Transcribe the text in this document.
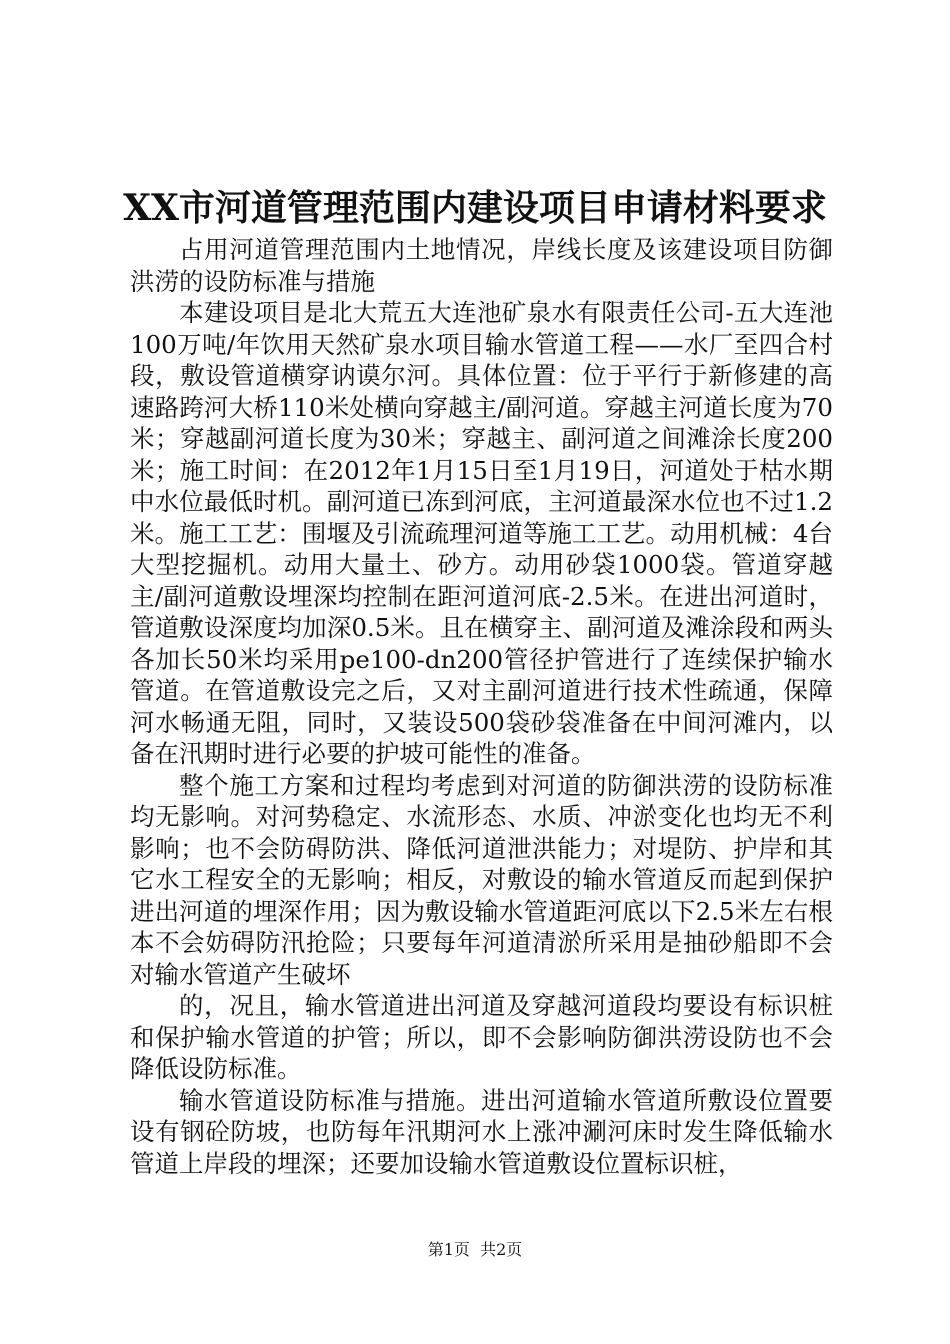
XX市河道管理范围内建设项目申请材料要求

占用河道管理范围内土地情况，岸线长度及该建设项目防御洪涝的设防标准与措施

本建设项目是北大荒五大连池矿泉水有限责任公司-五大连池100万吨/年饮用天然矿泉水项目输水管道工程——水厂至四合村段，敷设管道横穿讷谟尔河。具体位置：位于平行于新修建的高速路跨河大桥110米处横向穿越主/副河道。穿越主河道长度为70米；穿越副河道长度为30米；穿越主、副河道之间滩涂长度200米；施工时间：在2012年1月15日至1月19日，河道处于枯水期中水位最低时机。副河道已冻到河底，主河道最深水位也不过1.2米。施工工艺：围堰及引流疏理河道等施工工艺。动用机械：4台大型挖掘机。动用大量土、砂方。动用砂袋1000袋。管道穿越主/副河道敷设埋深均控制在距河道河底-2.5米。在进出河道时，管道敷设深度均加深0.5米。且在横穿主、副河道及滩涂段和两头各加长50米均采用pe100-dn200管径护管进行了连续保护输水管道。在管道敷设完之后，又对主副河道进行技术性疏通，保障河水畅通无阻，同时，又装设500袋砂袋准备在中间河滩内，以备在汛期时进行必要的护坡可能性的准备。

整个施工方案和过程均考虑到对河道的防御洪涝的设防标准均无影响。对河势稳定、水流形态、水质、冲淤变化也均无不利影响；也不会防碍防洪、降低河道泄洪能力；对堤防、护岸和其它水工程安全的无影响；相反，对敷设的输水管道反而起到保护进出河道的埋深作用；因为敷设输水管道距河底以下2.5米左右根本不会妨碍防汛抢险；只要每年河道清淤所采用是抽砂船即不会对输水管道产生破坏

的，况且，输水管道进出河道及穿越河道段均要设有标识桩和保护输水管道的护管；所以，即不会影响防御洪涝设防也不会降低设防标准。

输水管道设防标准与措施。进出河道输水管道所敷设位置要设有钢砼防坡，也防每年汛期河水上涨冲涮河床时发生降低输水管道上岸段的埋深；还要加设输水管道敷设位置标识桩，

第1页 共2页
